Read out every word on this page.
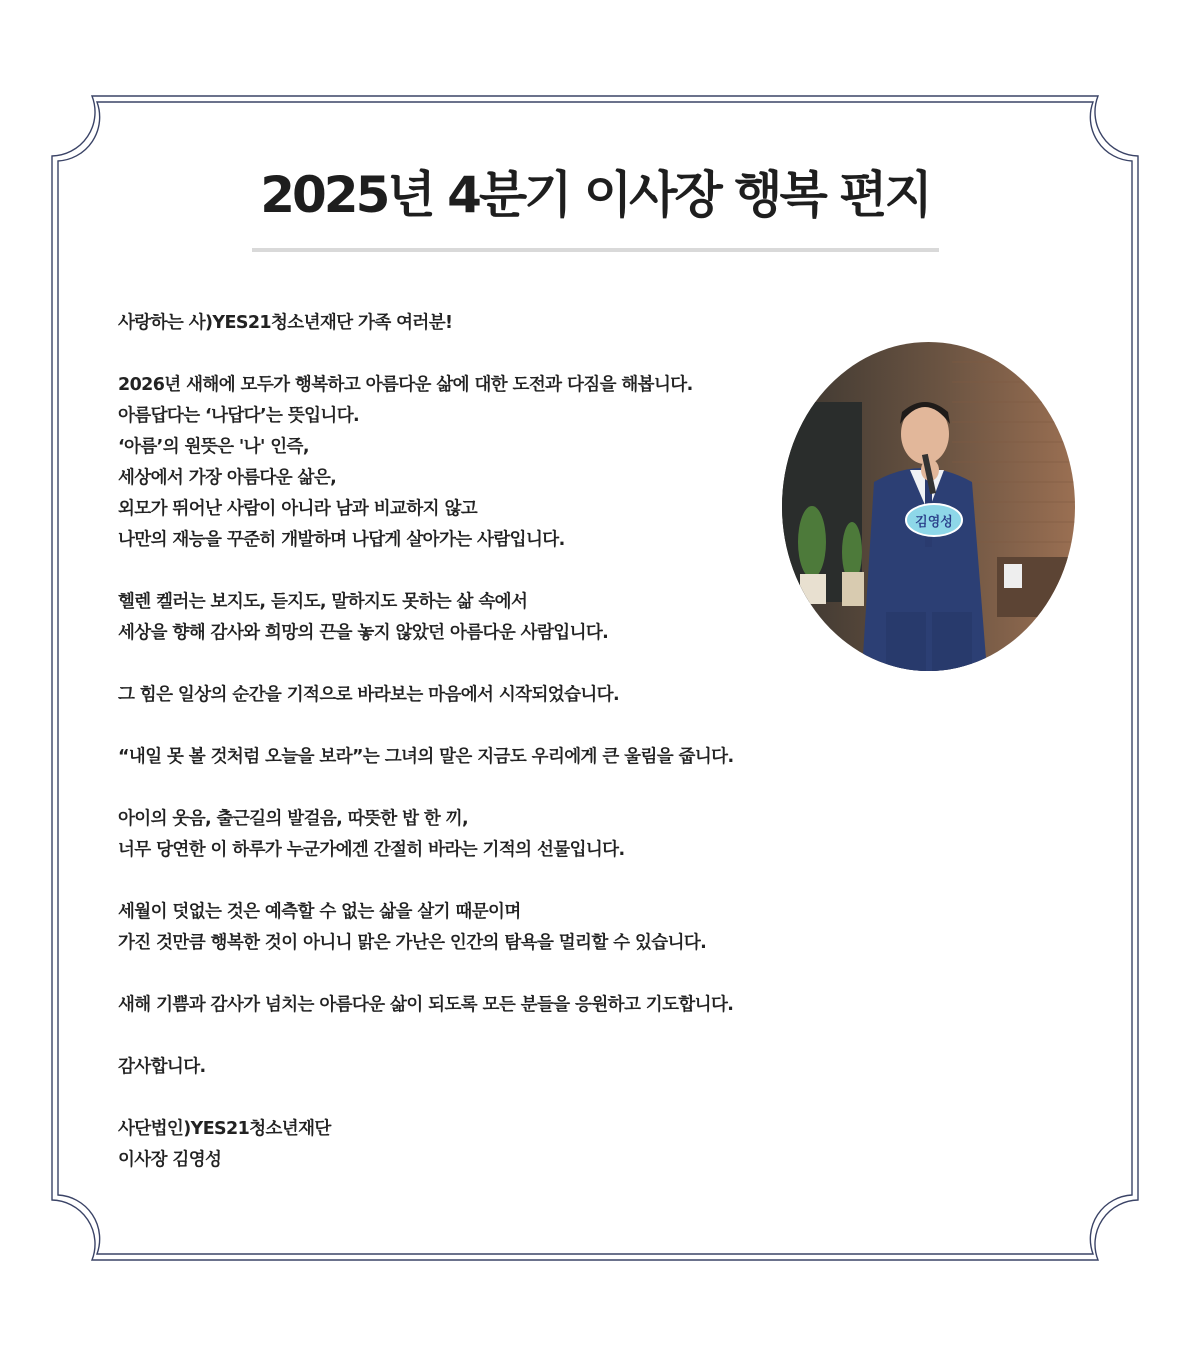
2025년 4분기 이사장 행복 편지

사랑하는 사)YES21청소년재단 가족 여러분!

2026년 새해에 모두가 행복하고 아름다운 삶에 대한 도전과 다짐을 해봅니다.
아름답다는 ‘나답다’는 뜻입니다.
‘아름’의 원뜻은 '나' 인즉,
세상에서 가장 아름다운 삶은,
외모가 뛰어난 사람이 아니라 남과 비교하지 않고
나만의 재능을 꾸준히 개발하며 나답게 살아가는 사람입니다.

헬렌 켈러는 보지도, 듣지도, 말하지도 못하는 삶 속에서
세상을 향해 감사와 희망의 끈을 놓지 않았던 아름다운 사람입니다.

그 힘은 일상의 순간을 기적으로 바라보는 마음에서 시작되었습니다.

“내일 못 볼 것처럼 오늘을 보라”는 그녀의 말은 지금도 우리에게 큰 울림을 줍니다.

아이의 웃음, 출근길의 발걸음, 따뜻한 밥 한 끼,
너무 당연한 이 하루가 누군가에겐 간절히 바라는 기적의 선물입니다.

세월이 덧없는 것은 예측할 수 없는 삶을 살기 때문이며
가진 것만큼 행복한 것이 아니니 맑은 가난은 인간의 탐욕을 멀리할 수 있습니다.

새해 기쁨과 감사가 넘치는 아름다운 삶이 되도록 모든 분들을 응원하고 기도합니다.

감사합니다.

사단법인)YES21청소년재단
이사장 김영성

김영성
